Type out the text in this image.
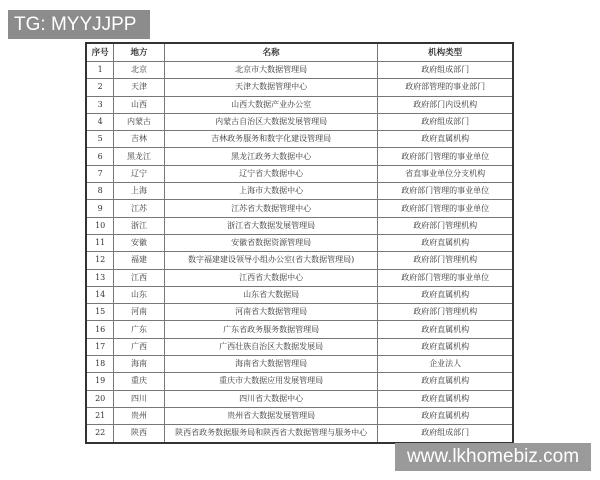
TG: MYYJJPP
序号	地方	名称	机构类型
1	北京	北京市大数据管理局	政府组成部门
2	天津	天津大数据管理中心	政府部管理的事业部门
3	山西	山西大数据产业办公室	政府部门内设机构
4	内蒙古	内蒙古自治区大数据发展管理局	政府组成部门
5	吉林	吉林政务服务和数字化建设管理局	政府直属机构
6	黑龙江	黑龙江政务大数据中心	政府部门管理的事业单位
7	辽宁	辽宁省大数据中心	省直事业单位分支机构
8	上海	上海市大数据中心	政府部门管理的事业单位
9	江苏	江苏省大数据管理中心	政府部门管理的事业单位
10	浙江	浙江省大数据发展管理局	政府部门管理机构
11	安徽	安徽省数据资源管理局	政府直属机构
12	福建	数字福建建设领导小组办公室(省大数据管理局)	政府部门管理机构
13	江西	江西省大数据中心	政府部门管理的事业单位
14	山东	山东省大数据局	政府直属机构
15	河南	河南省大数据管理局	政府部门管理机构
16	广东	广东省政务服务数据管理局	政府直属机构
17	广西	广西壮族自治区大数据发展局	政府直属机构
18	海南	海南省大数据管理局	企业法人
19	重庆	重庆市大数据应用发展管理局	政府直属机构
20	四川	四川省大数据中心	政府直属机构
21	贵州	贵州省大数据发展管理局	政府直属机构
22	陕西	陕西省政务数据服务局和陕西省大数据管理与服务中心	政府组成部门
www.lkhomebiz.com
